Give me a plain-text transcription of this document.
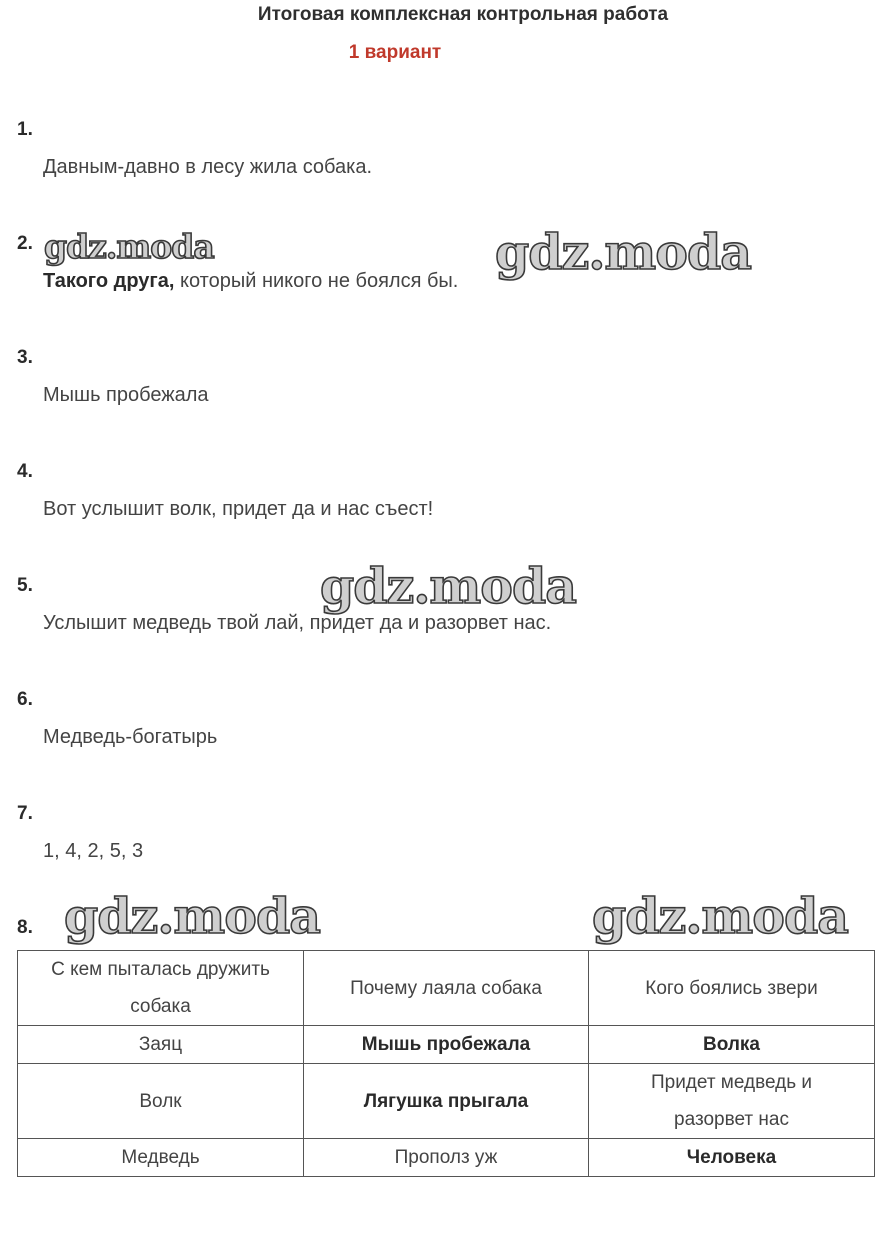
Итоговая комплексная контрольная работа
1 вариант
1.
Давным-давно в лесу жила собака.
2.
Такого друга, который никого не боялся бы.
3.
Мышь пробежала
4.
Вот услышит волк, придет да и нас съест!
5.
Услышит медведь твой лай, придет да и разорвет нас.
6.
Медведь-богатырь
7.
1, 4, 2, 5, 3
8.
С кем пыталась дружить собака	Почему лаяла собака	Кого боялись звери
Заяц	Мышь пробежала	Волка
Волк	Лягушка прыгала	Придет медведь и разорвет нас
Медведь	Прополз уж	Человека
gdz.moda	gdz.moda
gdz.moda
gdz.moda	gdz.moda
